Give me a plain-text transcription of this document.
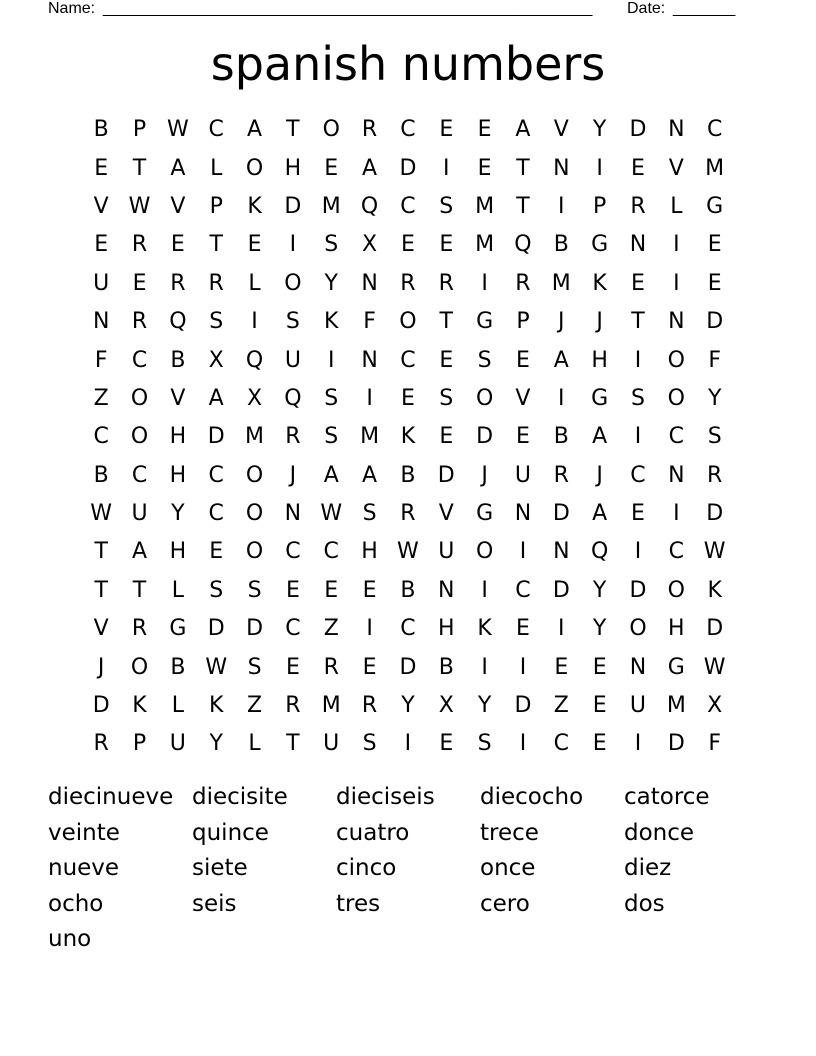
Name: _______________________________________________________ Date: _______
spanish numbers
B	P W C	A	T	O	R	C	E	E	A	V	Y	D N	C
E	T	A	L	O H	E	A	D	I	E	T	N	I	E	V M
V W V	P	K	D M Q	C	S M	T	I	P	R	L	G
E	R	E	T	E	I	S	X	E	E M Q	B	G N	I	E
U	E	R	R	L	O	Y	N	R	R	I	R M K	E	I	E
N	R	Q	S	I	S	K	F	O	T	G	P	J	J	T	N D
F	C	B	X	Q U	I	N	C	E	S	E	A	H	I	O	F
Z	O	V	A	X	Q	S	I	E	S	O	V	I	G	S	O	Y
C O H D M R	S M K	E	D	E	B	A	I	C	S
B	C	H	C O	J	A	A	B	D	J	U	R	J	C	N	R
W U	Y	C O N W S	R	V	G N D	A	E	I	D
T	A	H	E	O	C	C	H W U O	I	N Q	I	C W
T	T	L	S	S	E	E	E	B	N	I	C	D	Y	D O	K
V	R	G D D	C	Z	I	C	H	K	E	I	Y	O H D
J	O	B W S	E	R	E	D	B	I	I	E	E	N G W
D	K	L	K	Z	R M R	Y	X	Y	D	Z	E	U M X
R	P	U	Y	L	T	U	S	I	E	S	I	C	E	I	D	F
diecinueve diecisite	dieciseis	diecocho	catorce
veinte	quince	cuatro	trece	donce
nueve	siete	cinco	once	diez
ocho	seis	tres	cero	dos
uno
